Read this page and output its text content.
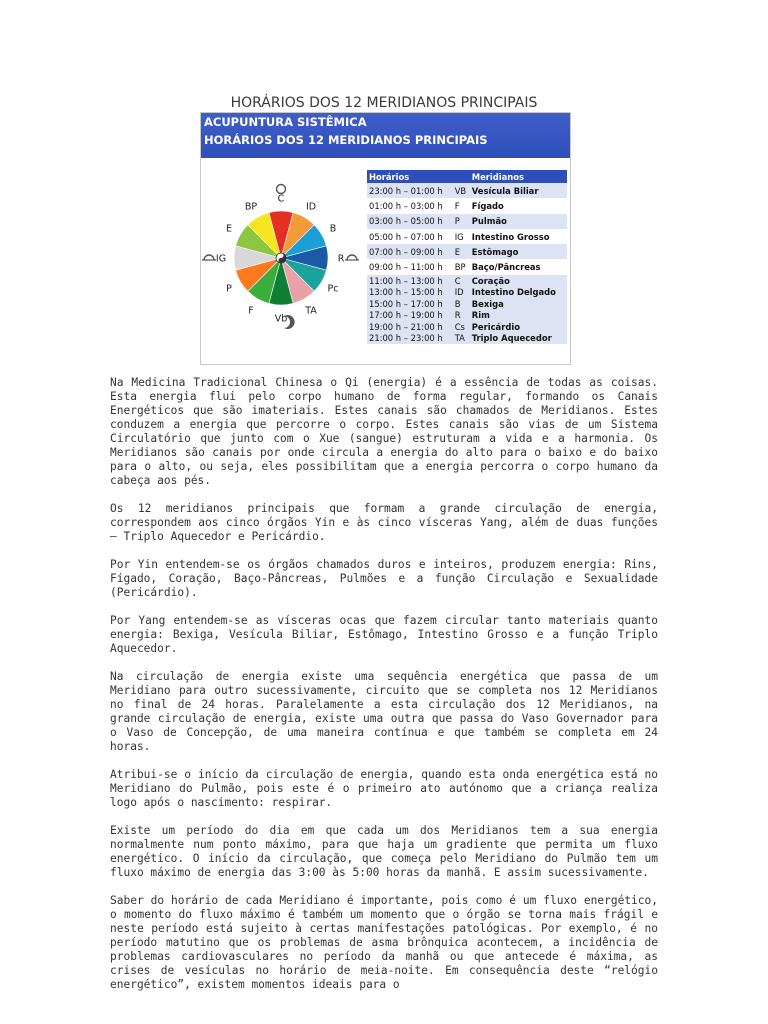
HORÁRIOS DOS 12 MERIDIANOS PRINCIPAIS
ACUPUNTURA SISTÊMICA
HORÁRIOS DOS 12 MERIDIANOS PRINCIPAIS
C
ID
B
R
Pc
TA
Vb
F
P
IG
E
BP
Horários		Meridianos
23:00 h – 01:00 h	VB	Vesícula Biliar
01:00 h – 03:00 h	F	Fígado
03:00 h – 05:00 h	P	Pulmão
05:00 h – 07:00 h	IG	Intestino Grosso
07:00 h – 09:00 h	E	Estômago
09:00 h – 11:00 h	BP	Baço/Pâncreas
11:00 h – 13:00 h	C	Coração
13:00 h – 15:00 h	ID	Intestino Delgado
15:00 h – 17:00 h	B	Bexiga
17:00 h – 19:00 h	R	Rim
19:00 h – 21:00 h	Cs	Pericárdio
21:00 h – 23:00 h	TA	Triplo Aquecedor

Na Medicina Tradicional Chinesa o Qi (energia) é a essência de todas as coisas. Esta energia flui pelo corpo humano de forma regular, formando os Canais Energéticos que são imateriais. Estes canais são chamados de Meridianos. Estes conduzem a energia que percorre o corpo. Estes canais são vias de um Sistema Circulatório que junto com o Xue (sangue) estruturam a vida e a harmonia. Os Meridianos são canais por onde circula a energia do alto para o baixo e do baixo para o alto, ou seja, eles possibilitam que a energia percorra o corpo humano da cabeça aos pés.

Os 12 meridianos principais que formam a grande circulação de energia, correspondem aos cinco órgãos Yin e às cinco vísceras Yang, além de duas funções – Triplo Aquecedor e Pericárdio.

Por Yin entendem-se os órgãos chamados duros e inteiros, produzem energia: Rins, Fígado, Coração, Baço-Pâncreas, Pulmões e a função Circulação e Sexualidade (Pericárdio).

Por Yang entendem-se as vísceras ocas que fazem circular tanto materiais quanto energia: Bexiga, Vesícula Biliar, Estômago, Intestino Grosso e a função Triplo Aquecedor.

Na circulação de energia existe uma sequência energética que passa de um Meridiano para outro sucessivamente, circuito que se completa nos 12 Meridianos no final de 24 horas. Paralelamente a esta circulação dos 12 Meridianos, na grande circulação de energia, existe uma outra que passa do Vaso Governador para o Vaso de Concepção, de uma maneira contínua e que também se completa em 24 horas.

Atribui-se o início da circulação de energia, quando esta onda energética está no Meridiano do Pulmão, pois este é o primeiro ato autónomo que a criança realiza logo após o nascimento: respirar.

Existe um período do dia em que cada um dos Meridianos tem a sua energia normalmente num ponto máximo, para que haja um gradiente que permita um fluxo energético. O início da circulação, que começa pelo Meridiano do Pulmão tem um fluxo máximo de energia das 3:00 às 5:00 horas da manhã. E assim sucessivamente.

Saber do horário de cada Meridiano é importante, pois como é um fluxo energético, o momento do fluxo máximo é também um momento que o órgão se torna mais frágil e neste período está sujeito à certas manifestações patológicas. Por exemplo, é no período matutino que os problemas de asma brônquica acontecem, a incidência de problemas cardiovasculares no período da manhã ou que antecede é máxima, as crises de vesículas no horário de meia-noite. Em consequência deste “relógio energético”, existem momentos ideais para o
